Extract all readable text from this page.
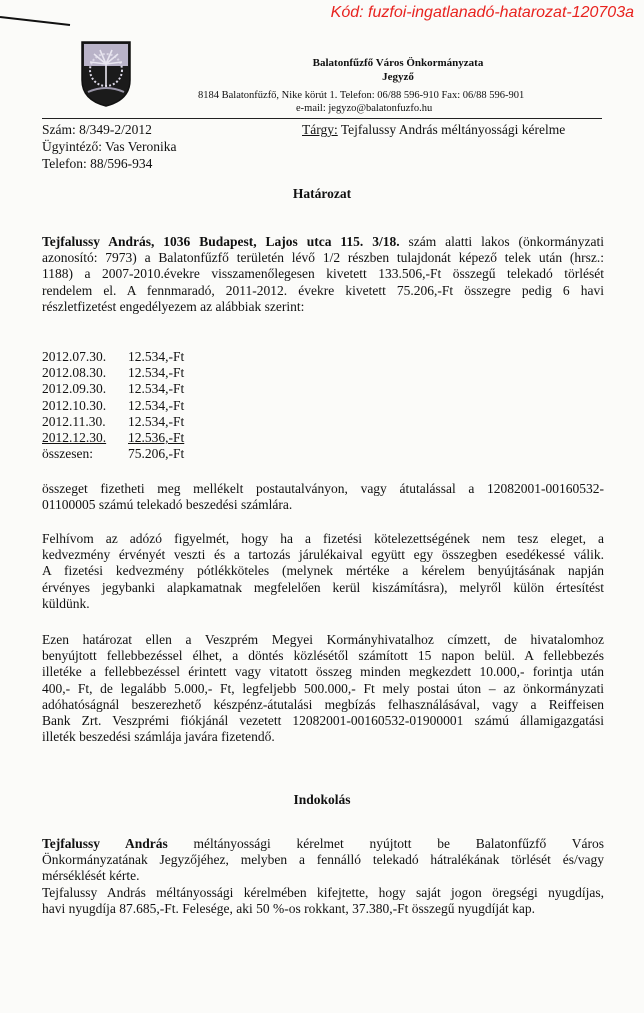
Kód: fuzfoi-ingatlanadó-hatarozat-120703a
Balatonfűzfő Város Önkormányzata
Jegyző
8184 Balatonfűzfő, Nike körút 1. Telefon: 06/88 596-910 Fax: 06/88 596-901
e-mail: jegyzo@balatonfuzfo.hu
Szám: 8/349-2/2012
Ügyintéző: Vas Veronika
Telefon: 88/596-934
Tárgy: Tejfalussy András méltányossági kérelme
Határozat
Tejfalussy András, 1036 Budapest, Lajos utca 115. 3/18. szám alatti lakos (önkormányzati
azonosító: 7973) a Balatonfűzfő területén lévő 1/2 részben tulajdonát képező telek után (hrsz.:
1188) a 2007-2010.évekre visszamenőlegesen kivetett 133.506,-Ft összegű telekadó törlését
rendelem el. A fennmaradó, 2011-2012. évekre kivetett 75.206,-Ft összegre pedig 6 havi
részletfizetést engedélyezem az alábbiak szerint:
2012.07.30.	12.534,-Ft
2012.08.30.	12.534,-Ft
2012.09.30.	12.534,-Ft
2012.10.30.	12.534,-Ft
2012.11.30.	12.534,-Ft
2012.12.30.	12.536,-Ft
összesen:	75.206,-Ft
összeget fizetheti meg mellékelt postautalványon, vagy átutalással a 12082001-00160532-
01100005 számú telekadó beszedési számlára.
Felhívom az adózó figyelmét, hogy ha a fizetési kötelezettségének nem tesz eleget, a
kedvezmény érvényét veszti és a tartozás járulékaival együtt egy összegben esedékessé válik.
A fizetési kedvezmény pótlékköteles (melynek mértéke a kérelem benyújtásának napján
érvényes jegybanki alapkamatnak megfelelően kerül kiszámításra), melyről külön értesítést
küldünk.
Ezen határozat ellen a Veszprém Megyei Kormányhivatalhoz címzett, de hivatalomhoz
benyújtott fellebbezéssel élhet, a döntés közlésétől számított 15 napon belül. A fellebbezés
illetéke a fellebbezéssel érintett vagy vitatott összeg minden megkezdett 10.000,- forintja után
400,- Ft, de legalább 5.000,- Ft, legfeljebb 500.000,- Ft mely postai úton – az önkormányzati
adóhatóságnál beszerezhető készpénz-átutalási megbízás felhasználásával, vagy a Reiffeisen
Bank Zrt. Veszprémi fiókjánál vezetett 12082001-00160532-01900001 számú államigazgatási
illeték beszedési számlája javára fizetendő.
Indokolás
Tejfalussy András méltányossági kérelmet nyújtott be Balatonfűzfő Város
Önkormányzatának Jegyzőjéhez, melyben a fennálló telekadó hátralékának törlését és/vagy
mérséklését kérte.
Tejfalussy András méltányossági kérelmében kifejtette, hogy saját jogon öregségi nyugdíjas,
havi nyugdíja 87.685,-Ft. Felesége, aki 50 %-os rokkant, 37.380,-Ft összegű nyugdíját kap.
